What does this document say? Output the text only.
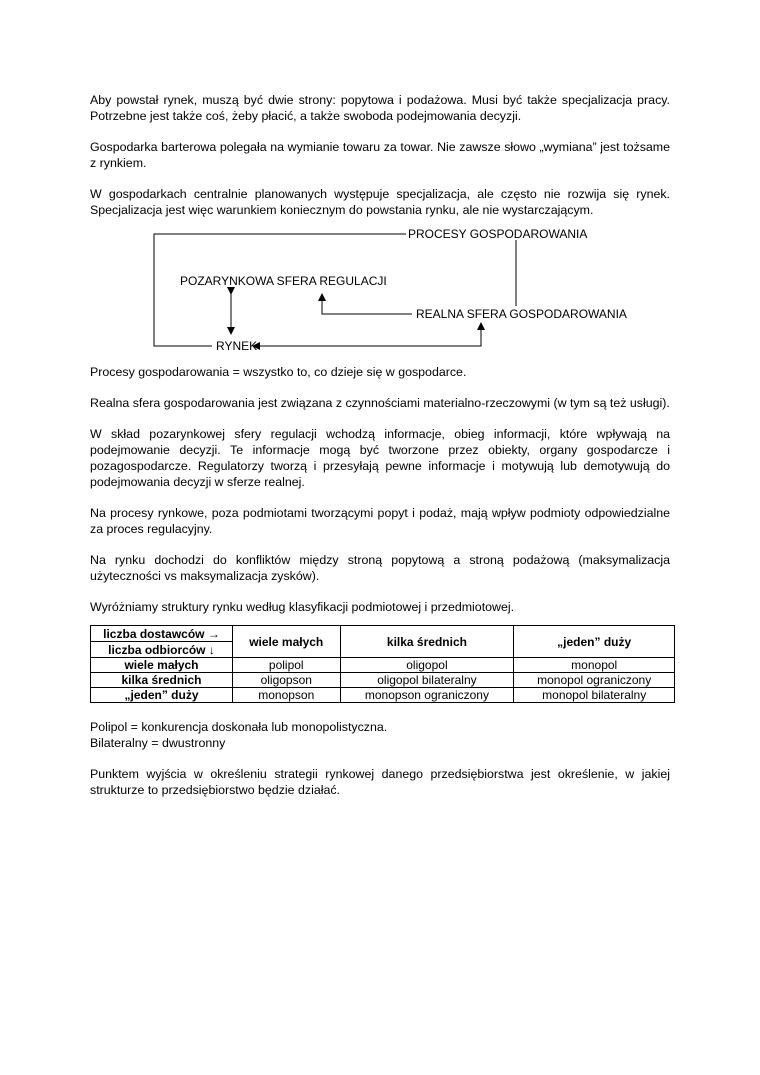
Aby powstał rynek, muszą być dwie strony: popytowa i podażowa. Musi być także specjalizacja pracy. Potrzebne jest także coś, żeby płacić, a także swoboda podejmowania decyzji.

Gospodarka barterowa polegała na wymianie towaru za towar. Nie zawsze słowo „wymiana” jest tożsame z rynkiem.

W gospodarkach centralnie planowanych występuje specjalizacja, ale często nie rozwija się rynek. Specjalizacja jest więc warunkiem koniecznym do powstania rynku, ale nie wystarczającym.

PROCESY GOSPODAROWANIA
POZARYNKOWA SFERA REGULACJI
REALNA SFERA GOSPODAROWANIA
RYNEK

Procesy gospodarowania = wszystko to, co dzieje się w gospodarce.

Realna sfera gospodarowania jest związana z czynnościami materialno-rzeczowymi (w tym są też usługi).

W skład pozarynkowej sfery regulacji wchodzą informacje, obieg informacji, które wpływają na podejmowanie decyzji. Te informacje mogą być tworzone przez obiekty, organy gospodarcze i pozagospodarcze. Regulatorzy tworzą i przesyłają pewne informacje i motywują lub demotywują do podejmowania decyzji w sferze realnej.

Na procesy rynkowe, poza podmiotami tworzącymi popyt i podaż, mają wpływ podmioty odpowiedzialne za proces regulacyjny.

Na rynku dochodzi do konfliktów między stroną popytową a stroną podażową (maksymalizacja użyteczności vs maksymalizacja zysków).

Wyróżniamy struktury rynku według klasyfikacji podmiotowej i przedmiotowej.

liczba dostawców →	wiele małych	kilka średnich	„jeden” duży
liczba odbiorców ↓			
wiele małych	polipol	oligopol	monopol
kilka średnich	oligopson	oligopol bilateralny	monopol ograniczony
„jeden” duży	monopson	monopson ograniczony	monopol bilateralny

Polipol = konkurencja doskonała lub monopolistyczna.

Bilateralny = dwustronny

Punktem wyjścia w określeniu strategii rynkowej danego przedsiębiorstwa jest określenie, w jakiej strukturze to przedsiębiorstwo będzie działać.
